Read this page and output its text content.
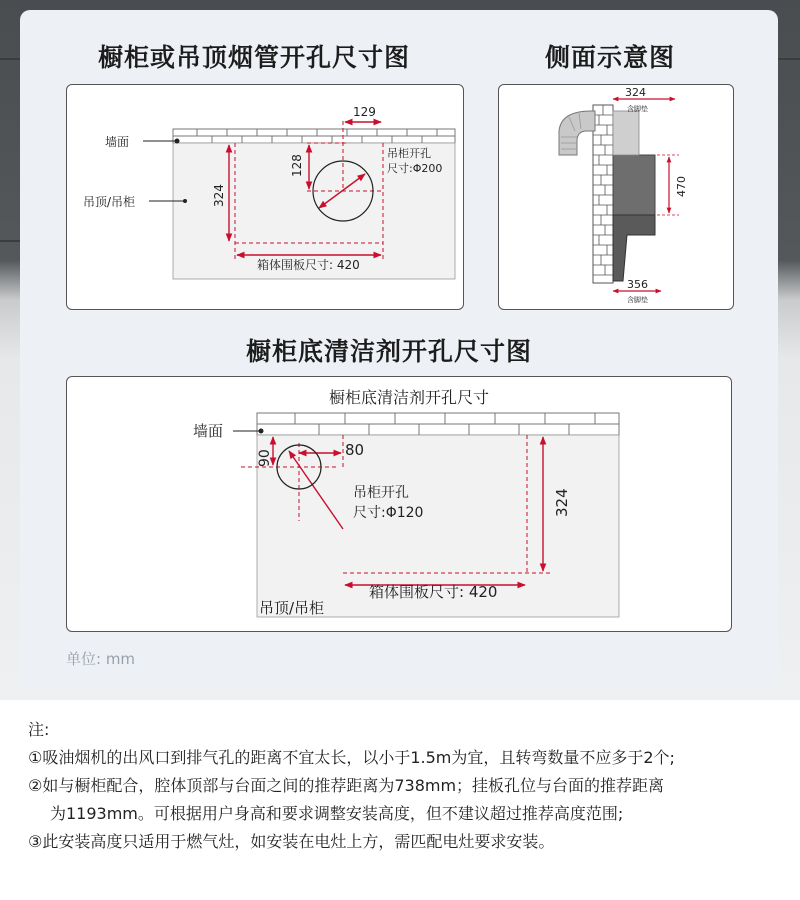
橱柜或吊顶烟管开孔尺寸图
墙面
吊顶/吊柜
129
128
324
吊柜开孔
尺寸:Φ200
箱体围板尺寸: 420
侧面示意图
324
含脚垫
470
356
含脚垫
橱柜底清洁剂开孔尺寸图
橱柜底清洁剂开孔尺寸
墙面
90	80
324
吊柜开孔
尺寸:Φ120
箱体围板尺寸: 420
吊顶/吊柜
单位: mm
注:
①吸油烟机的出风口到排气孔的距离不宜太长，以小于1.5m为宜，且转弯数量不应多于2个;
②如与橱柜配合，腔体顶部与台面之间的推荐距离为738mm；挂板孔位与台面的推荐距离
为1193mm。可根据用户身高和要求调整安装高度，但不建议超过推荐高度范围;
③此安装高度只适用于燃气灶，如安装在电灶上方，需匹配电灶要求安装。
